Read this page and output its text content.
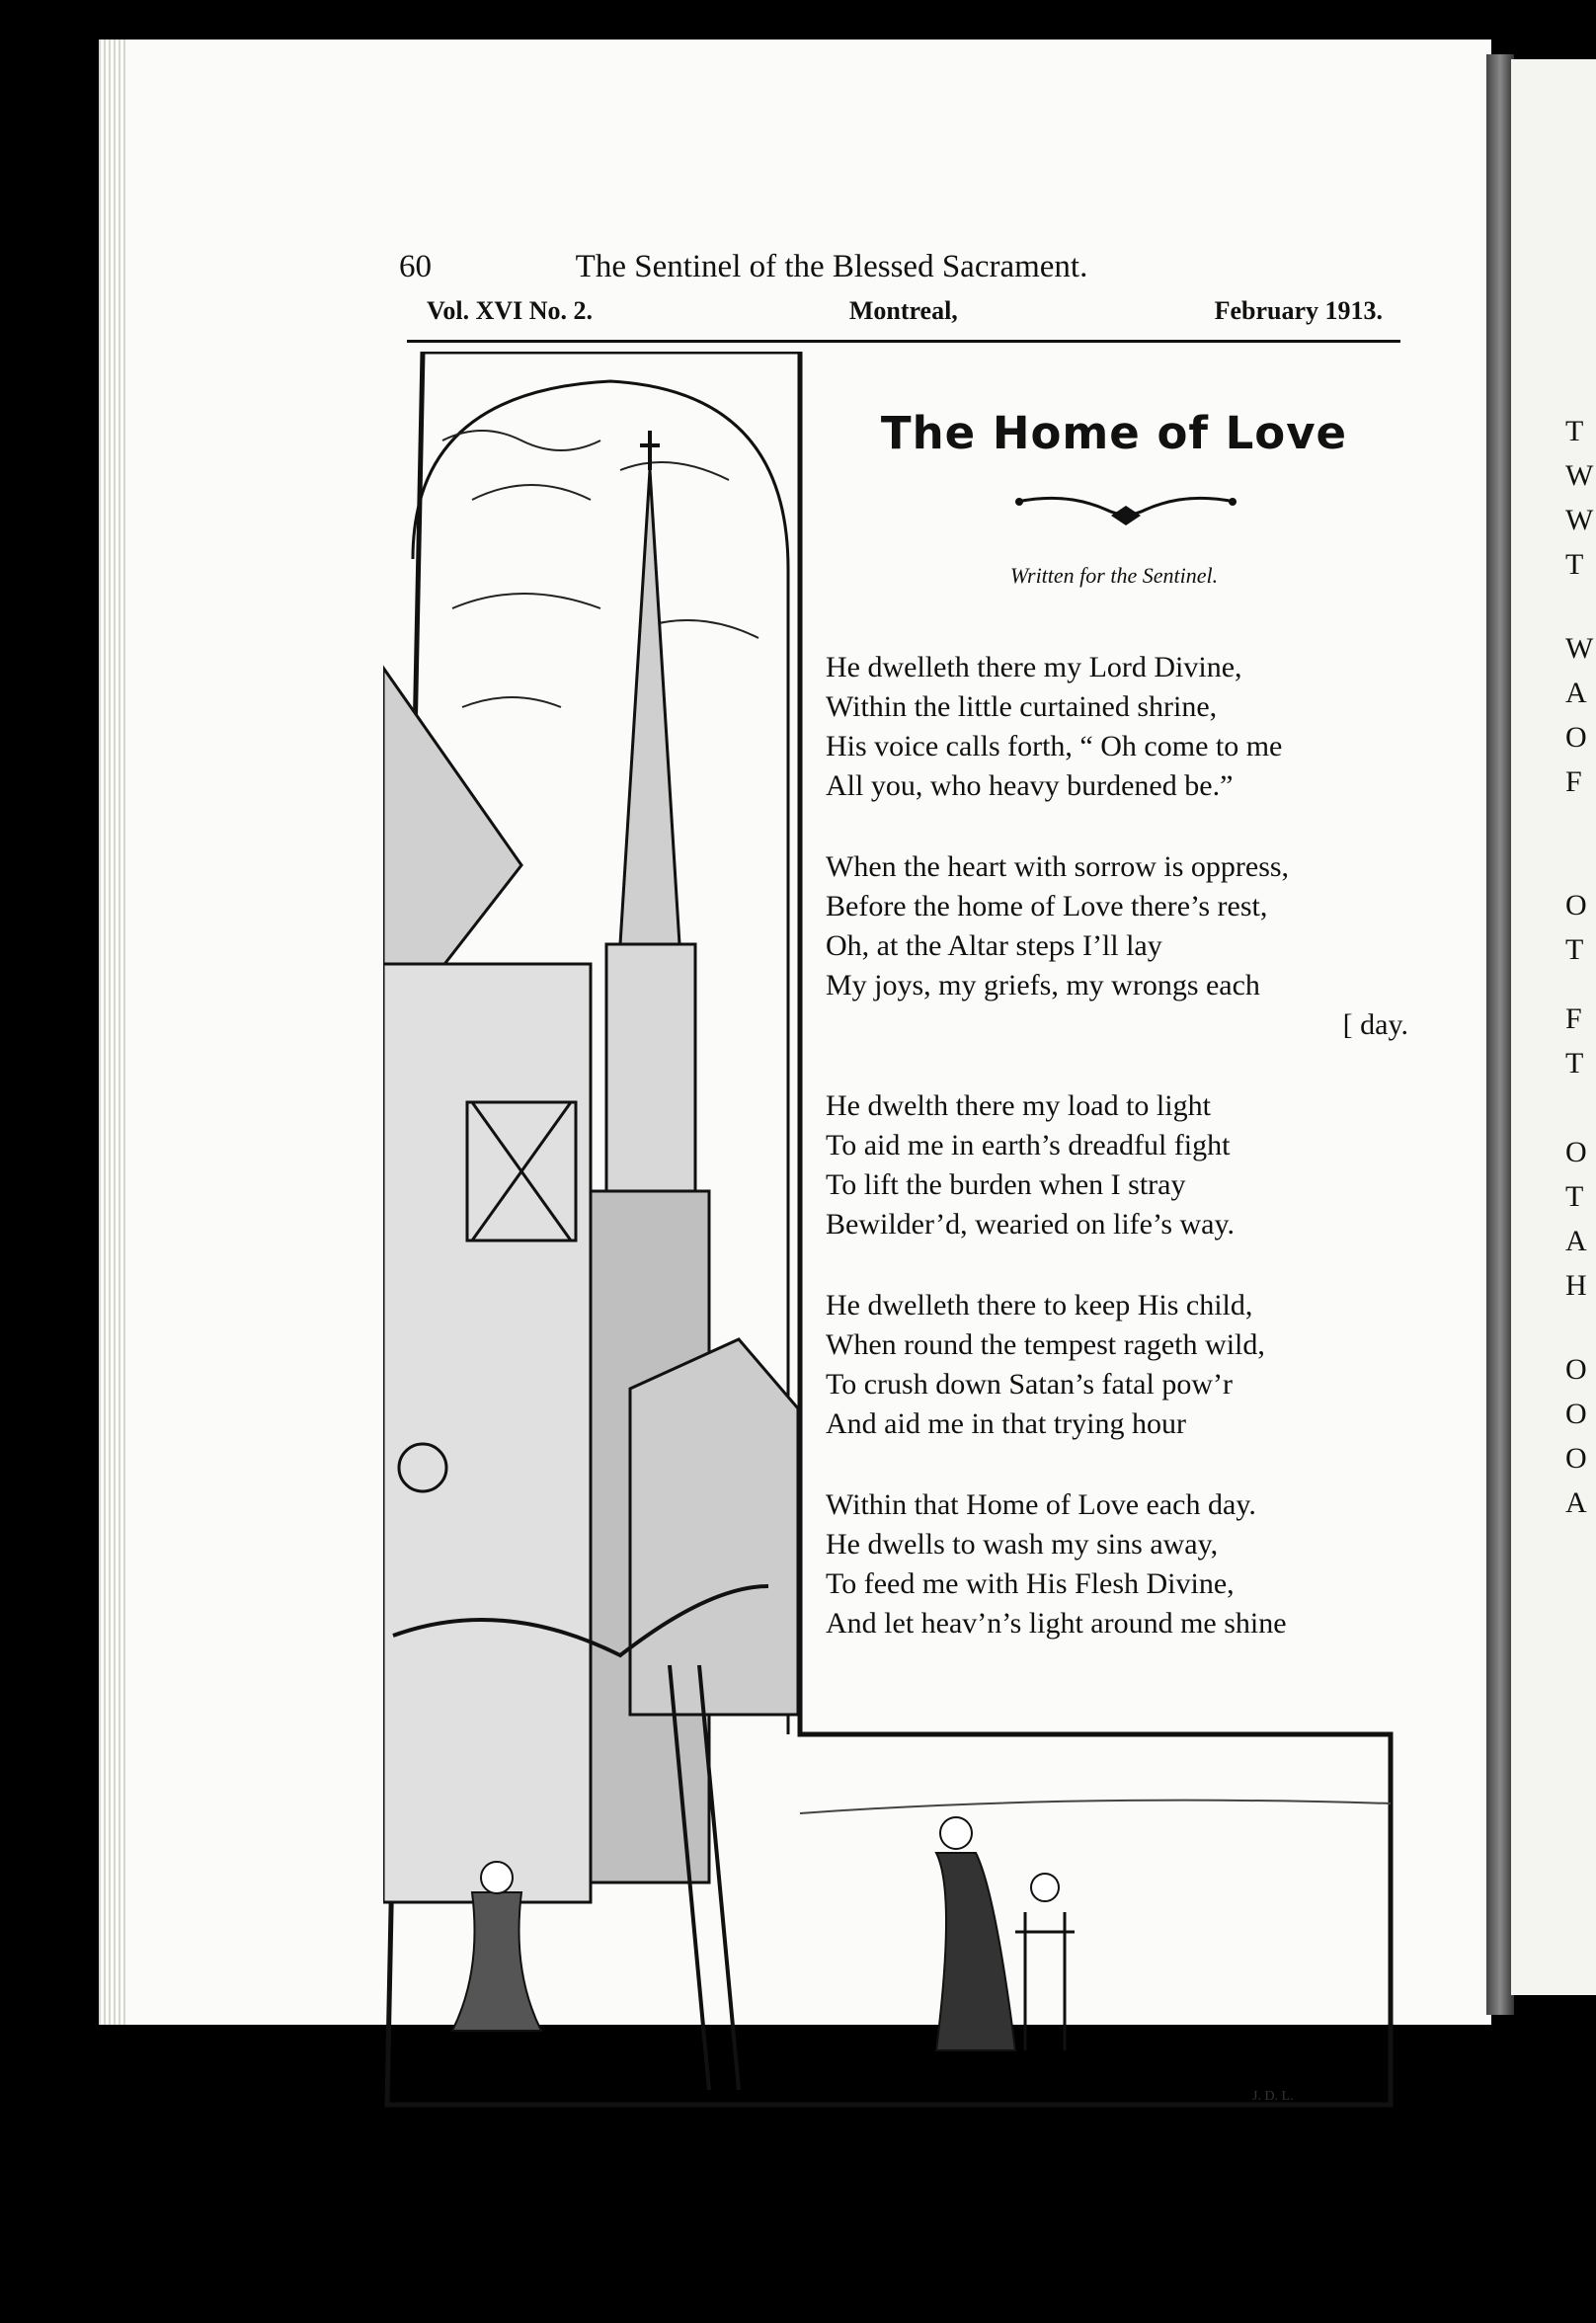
T
W
W
T
W
A
O
F
O
T
F
T
O
T
A
H
O
O
O
A
60	The Sentinel of the Blessed Sacrament.
Vol. XVI No. 2.	Montreal,	February 1913.
J. D. L.
The Home of Love
Written for the Sentinel.
He dwelleth there my Lord Divine,
Within the little curtained shrine,
His voice calls forth, “ Oh come to me
All you, who heavy burdened be.”
When the heart with sorrow is oppress,
Before the home of Love there’s rest,
Oh, at the Altar steps I’ll lay
My joys, my griefs, my wrongs each
[ day.
He dwelth there my load to light
To aid me in earth’s dreadful fight
To lift the burden when I stray
Bewilder’d, wearied on life’s way.
He dwelleth there to keep His child,
When round the tempest rageth wild,
To crush down Satan’s fatal pow’r
And aid me in that trying hour
Within that Home of Love each day.
He dwells to wash my sins away,
To feed me with His Flesh Divine,
And let heav’n’s light around me shine
